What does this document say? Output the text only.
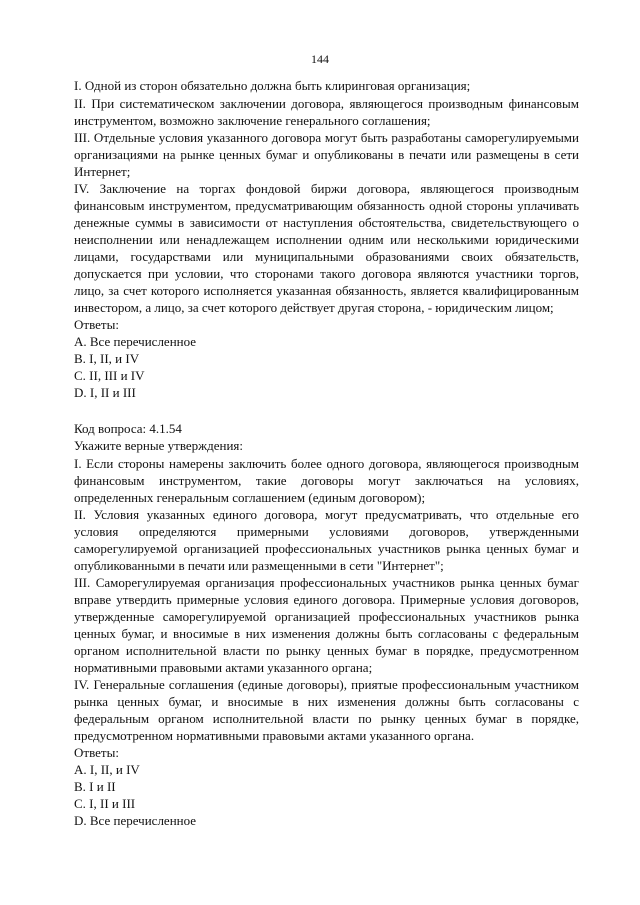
144
I. Одной из сторон обязательно должна быть клиринговая организация;
II. При систематическом заключении договора, являющегося производным финансовым
инструментом, возможно заключение генерального соглашения;
III. Отдельные условия указанного договора могут быть разработаны саморегулируемыми
организациями на рынке ценных бумаг и опубликованы в печати или размещены в сети
Интернет;
IV. Заключение на торгах фондовой биржи договора, являющегося производным
финансовым инструментом, предусматривающим обязанность одной стороны уплачивать
денежные суммы в зависимости от наступления обстоятельства, свидетельствующего о
неисполнении или ненадлежащем исполнении одним или несколькими юридическими
лицами, государствами или муниципальными образованиями своих обязательств,
допускается при условии, что сторонами такого договора являются участники торгов,
лицо, за счет которого исполняется указанная обязанность, является квалифицированным
инвестором, а лицо, за счет которого действует другая сторона, - юридическим лицом;
Ответы:
A. Все перечисленное
B. I, II, и IV
C. II, III и IV
D. I, II и III
Код вопроса: 4.1.54
Укажите верные утверждения:
I. Если стороны намерены заключить более одного договора, являющегося производным
финансовым инструментом, такие договоры могут заключаться на условиях,
определенных генеральным соглашением (единым договором);
II. Условия указанных единого договора, могут предусматривать, что отдельные его
условия определяются примерными условиями договоров, утвержденными
саморегулируемой организацией профессиональных участников рынка ценных бумаг и
опубликованными в печати или размещенными в сети "Интернет";
III. Саморегулируемая организация профессиональных участников рынка ценных бумаг
вправе утвердить примерные условия единого договора. Примерные условия договоров,
утвержденные саморегулируемой организацией профессиональных участников рынка
ценных бумаг, и вносимые в них изменения должны быть согласованы с федеральным
органом исполнительной власти по рынку ценных бумаг в порядке, предусмотренном
нормативными правовыми актами указанного органа;
IV. Генеральные соглашения (единые договоры), приятые профессиональным участником
рынка ценных бумаг, и вносимые в них изменения должны быть согласованы с
федеральным органом исполнительной власти по рынку ценных бумаг в порядке,
предусмотренном нормативными правовыми актами указанного органа.
Ответы:
A. I, II, и IV
B. I и II
C. I, II и III
D. Все перечисленное
